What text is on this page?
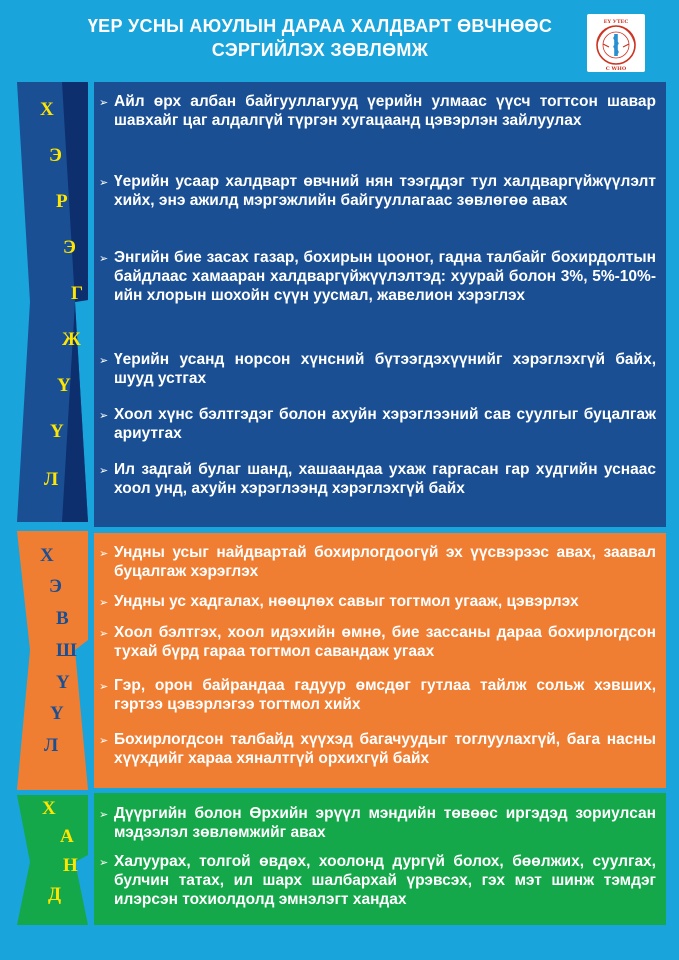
ҮЕР УСНЫ АЮУЛЫН ДАРАА ХАЛДВАРТ ӨВЧНӨӨС
СЭРГИЙЛЭХ ЗӨВЛӨМЖ
ЕҮ УТЕС
С WHO
Х
Э
Р
Э
Г
Ж
Ү
Ү
Л
Х
Э
В
Ш
Ү
Ү
Л
Х
А
Н
Д
➢ Айл өрх албан байгууллагууд үерийн улмаас үүсч тогтсон шавар шавхайг цаг алдалгүй түргэн хугацаанд цэвэрлэн зайлуулах
➢ Үерийн усаар халдварт өвчний нян тээгддэг тул халдваргүйжүүлэлт хийх, энэ ажилд мэргэжлийн байгууллагаас зөвлөгөө авах
➢ Энгийн бие засах газар, бохирын цооног, гадна талбайг бохирдолтын байдлаас хамааран халдваргүйжүүлэлтэд: хуурай болон 3%, 5%-10%-ийн хлорын шохойн сүүн уусмал, жавелион хэрэглэх
➢ Үерийн усанд норсон хүнсний бүтээгдэхүүнийг хэрэглэхгүй байх, шууд устгах
➢ Хоол хүнс бэлтгэдэг болон ахуйн хэрэглээний сав суулгыг буцалгаж ариутгах
➢ Ил задгай булаг шанд, хашаандаа ухаж гаргасан гар худгийн уснаас хоол унд, ахуйн хэрэглээнд хэрэглэхгүй байх
➢ Ундны усыг найдвартай бохирлогдоогүй эх үүсвэрээс авах, заавал буцалгаж хэрэглэх
➢ Ундны ус хадгалах, нөөцлөх савыг тогтмол угааж, цэвэрлэх
➢ Хоол бэлтгэх, хоол идэхийн өмнө, бие зассаны дараа бохирлогдсон тухай бүрд гараа тогтмол савандаж угаах
➢ Гэр, орон байрандаа гадуур өмсдөг гутлаа тайлж сольж хэвших, гэртээ цэвэрлэгээ тогтмол хийх
➢ Бохирлогдсон талбайд хүүхэд багачуудыг тоглуулахгүй, бага насны хүүхдийг хараа хяналтгүй орхихгүй байх
➢ Дүүргийн болон Өрхийн эрүүл мэндийн төвөөс иргэдэд зориулсан мэдээлэл зөвлөмжийг авах
➢ Халуурах, толгой өвдөх, хоолонд дургүй болох, бөөлжих, суулгах, булчин татах, ил шарх шалбархай үрэвсэх, гэх мэт шинж тэмдэг илэрсэн тохиолдолд эмнэлэгт хандах
